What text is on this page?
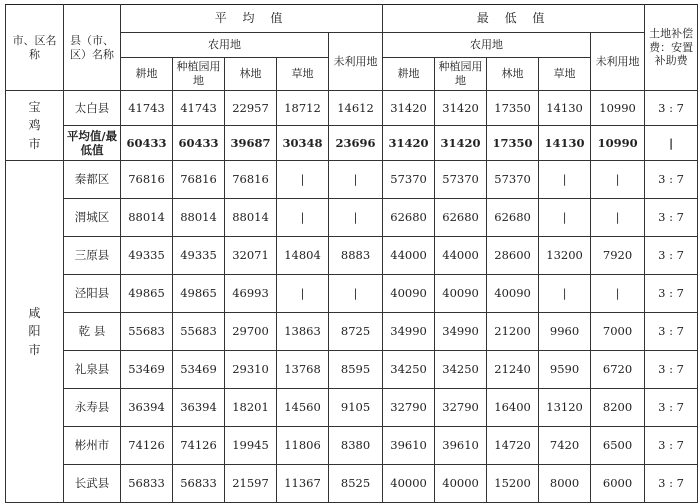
市、区名称	县（市、区）名称	平 均 值					最 低 值					土地补偿费：安置补助费
		农用地				未利用地	农用地				未利用地	
		耕地	种植园用地	林地	草地		耕地	种植园用地	林地	草地		
宝鸡市	太白县	41743	41743	22957	18712	14612	31420	31420	17350	14130	10990	3 : 7
	平均值/最低值	60433	60433	39687	30348	23696	31420	31420	17350	14130	10990	|
咸阳市	秦都区	76816	76816	76816	|	|	57370	57370	57370	|	|	3 : 7
	渭城区	88014	88014	88014	|	|	62680	62680	62680	|	|	3 : 7
	三原县	49335	49335	32071	14804	8883	44000	44000	28600	13200	7920	3 : 7
	泾阳县	49865	49865	46993	|	|	40090	40090	40090	|	|	3 : 7
	乾 县	55683	55683	29700	13863	8725	34990	34990	21200	9960	7000	3 : 7
	礼泉县	53469	53469	29310	13768	8595	34250	34250	21240	9590	6720	3 : 7
	永寿县	36394	36394	18201	14560	9105	32790	32790	16400	13120	8200	3 : 7
	彬州市	74126	74126	19945	11806	8380	39610	39610	14720	7420	6500	3 : 7
	长武县	56833	56833	21597	11367	8525	40000	40000	15200	8000	6000	3 : 7
